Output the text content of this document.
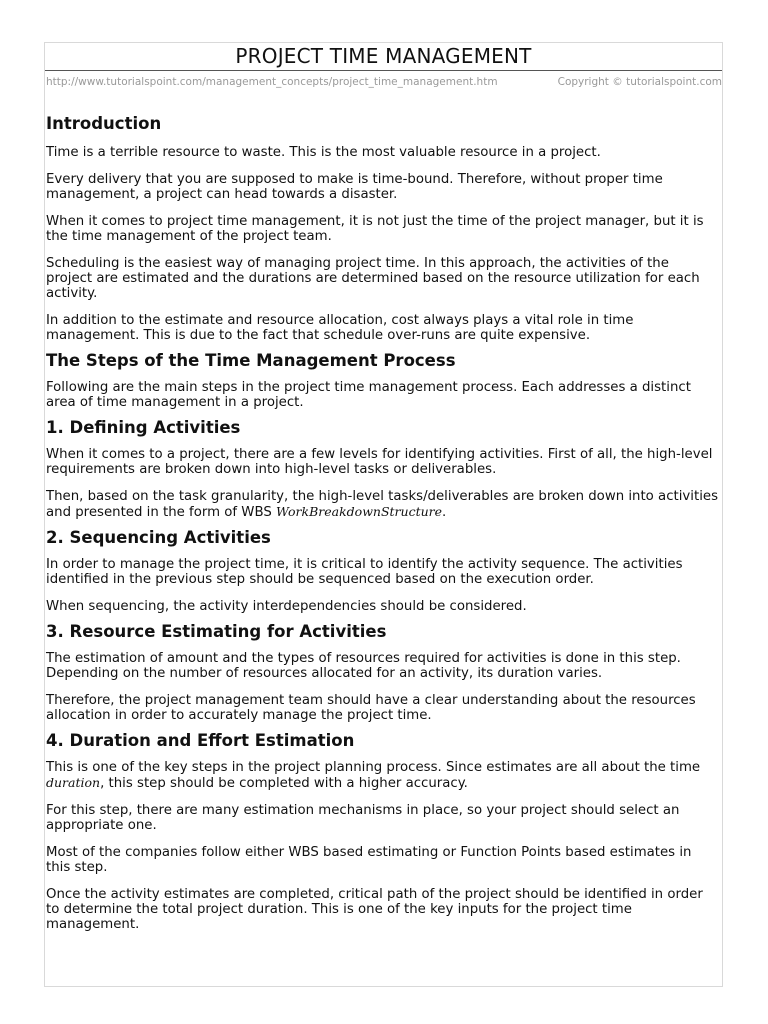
PROJECT TIME MANAGEMENT
http://www.tutorialspoint.com/management_concepts/project_time_management.htm	Copyright © tutorialspoint.com
Introduction

Time is a terrible resource to waste. This is the most valuable resource in a project.

Every delivery that you are supposed to make is time-bound. Therefore, without proper time management, a project can head towards a disaster.

When it comes to project time management, it is not just the time of the project manager, but it is the time management of the project team.

Scheduling is the easiest way of managing project time. In this approach, the activities of the project are estimated and the durations are determined based on the resource utilization for each activity.

In addition to the estimate and resource allocation, cost always plays a vital role in time management. This is due to the fact that schedule over-runs are quite expensive.

The Steps of the Time Management Process

Following are the main steps in the project time management process. Each addresses a distinct area of time management in a project.

1. Defining Activities

When it comes to a project, there are a few levels for identifying activities. First of all, the high-level requirements are broken down into high-level tasks or deliverables.

Then, based on the task granularity, the high-level tasks/deliverables are broken down into activities and presented in the form of WBS WorkBreakdownStructure.

2. Sequencing Activities

In order to manage the project time, it is critical to identify the activity sequence. The activities identified in the previous step should be sequenced based on the execution order.

When sequencing, the activity interdependencies should be considered.

3. Resource Estimating for Activities

The estimation of amount and the types of resources required for activities is done in this step. Depending on the number of resources allocated for an activity, its duration varies.

Therefore, the project management team should have a clear understanding about the resources allocation in order to accurately manage the project time.

4. Duration and Effort Estimation

This is one of the key steps in the project planning process. Since estimates are all about the time duration, this step should be completed with a higher accuracy.

For this step, there are many estimation mechanisms in place, so your project should select an appropriate one.

Most of the companies follow either WBS based estimating or Function Points based estimates in this step.

Once the activity estimates are completed, critical path of the project should be identified in order to determine the total project duration. This is one of the key inputs for the project time management.
